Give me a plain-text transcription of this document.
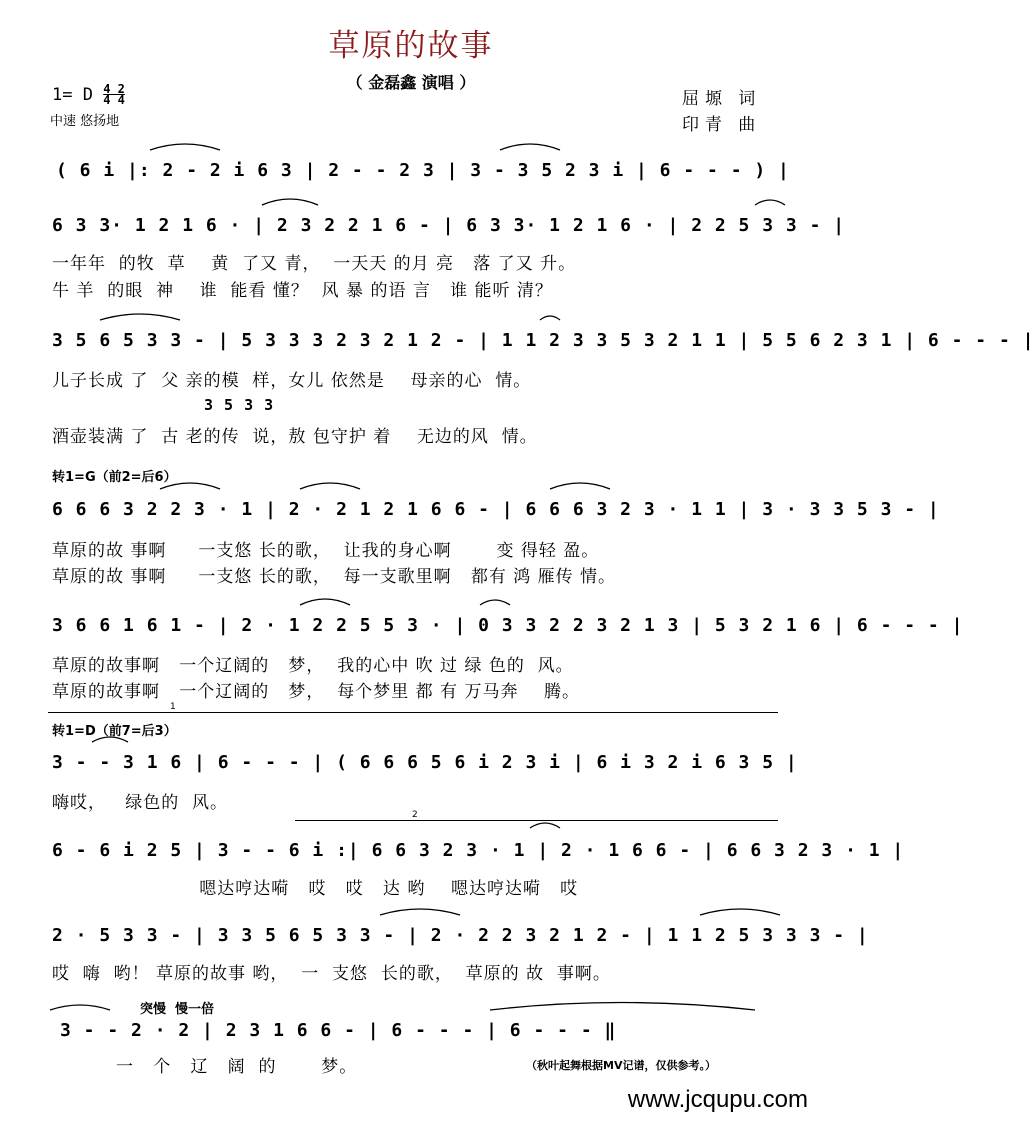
草原的故事
（ 金磊鑫 演唱 ）
1= D $\frac{4 2}{4 4}$
中速 悠扬地
屈塬 词
印青 曲
( 6 i |: 2 - 2 i 6 3 | 2 - - 2 3 | 3 - 3 5 2 3 i | 6 - - - ) |
6 3 3· 1 2 1 6 · | 2 3 2 2 1 6 - | 6 3 3· 1 2 1 6 · | 2 2 5 3 3 - |
一年年  的牧  草    黄  了又 青，  一天天 的月 亮   落 了又 升。
牛 羊  的眼  神    谁  能看 懂？  风 暴 的语 言   谁 能听 清？
3 5 6 5 3 3 - | 5 3 3 3 2 3 2 1 2 - | 1 1 2 3 3 5 3 2 1 1 | 5 5 6 2 3 1 | 6 - - - |
儿子长成 了  父 亲的模  样，女儿 依然是    母亲的心  情。
3 5 3 3
酒壶装满 了  古 老的传  说，敖 包守护 着    无边的风  情。
转1=G（前2=后6）
6 6 6 3 2 2 3 · 1 | 2 · 2 1 2 1 6 6 - | 6 6 6 3 2 3 · 1 1 | 3 · 3 3 5 3 - |
草原的故 事啊     一支悠 长的歌，  让我的身心啊       变 得轻 盈。
草原的故 事啊     一支悠 长的歌，  每一支歌里啊   都有 鸿 雁传 情。
3 6 6 1 6 1 - | 2 · 1 2 2 5 5 3 · | 0 3 3 2 2 3 2 1 3 | 5 3 2 1 6 | 6 - - - |
草原的故事啊   一个辽阔的   梦，  我的心中 吹 过 绿 色的  风。
草原的故事啊   一个辽阔的   梦，  每个梦里 都 有 万马奔    腾。
1
转1=D（前7=后3）
3 - - 3 1 6 | 6 - - - | ( 6 6 6 5 6 i 2 3 i | 6 i 3 2 i 6 3 5 |
嗨哎，   绿色的  风。
2
6 - 6 i 2 5 | 3 - - 6 i :| 6 6 3 2 3 · 1 | 2 · 1 6 6 - | 6 6 3 2 3 · 1 |
嗯达哼达嗬   哎   哎   达 哟    嗯达哼达嗬   哎
2 · 5 3 3 - | 3 3 5 6 5 3 3 - | 2 · 2 2 3 2 1 2 - | 1 1 2 5 3 3 3 - |
哎  嗨  哟！ 草原的故事 哟，  一  支悠  长的歌，  草原的 故  事啊。
突慢  慢一倍
3 - - 2 · 2 | 2 3 1 6 6 - | 6 - - - | 6 - - - ‖
一   个   辽   阔  的       梦。	（秋叶起舞根据MV记谱，仅供参考。）
www.jcqupu.com
